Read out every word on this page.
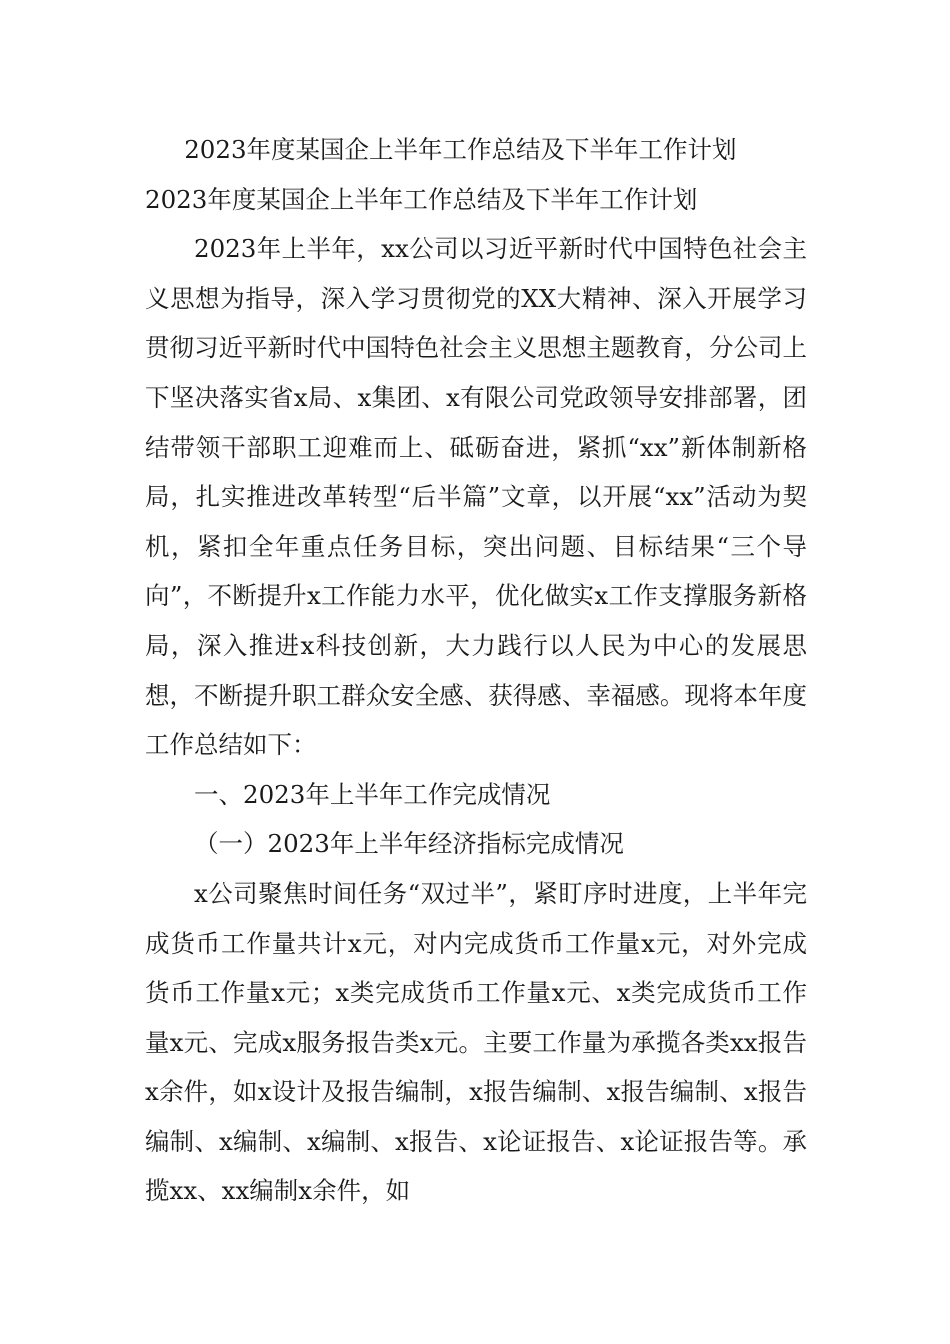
2023年度某国企上半年工作总结及下半年工作计划

2023年度某国企上半年工作总结及下半年工作计划

2023年上半年，xx公司以习近平新时代中国特色社会主义思想为指导，深入学习贯彻党的XX大精神、深入开展学习贯彻习近平新时代中国特色社会主义思想主题教育，分公司上下坚决落实省x局、x集团、x有限公司党政领导安排部署，团结带领干部职工迎难而上、砥砺奋进，紧抓“xx”新体制新格局，扎实推进改革转型“后半篇”文章，以开展“xx”活动为契机，紧扣全年重点任务目标，突出问题、目标结果“三个导向”，不断提升x工作能力水平，优化做实x工作支撑服务新格局，深入推进x科技创新，大力践行以人民为中心的发展思想，不断提升职工群众安全感、获得感、幸福感。现将本年度工作总结如下：

一、2023年上半年工作完成情况

（一）2023年上半年经济指标完成情况

x公司聚焦时间任务“双过半”，紧盯序时进度，上半年完成货币工作量共计x元，对内完成货币工作量x元，对外完成货币工作量x元；x类完成货币工作量x元、x类完成货币工作量x元、完成x服务报告类x元。主要工作量为承揽各类xx报告x余件，如x设计及报告编制，x报告编制、x报告编制、x报告编制、x编制、x编制、x报告、x论证报告、x论证报告等。承揽xx、xx编制x余件，如
